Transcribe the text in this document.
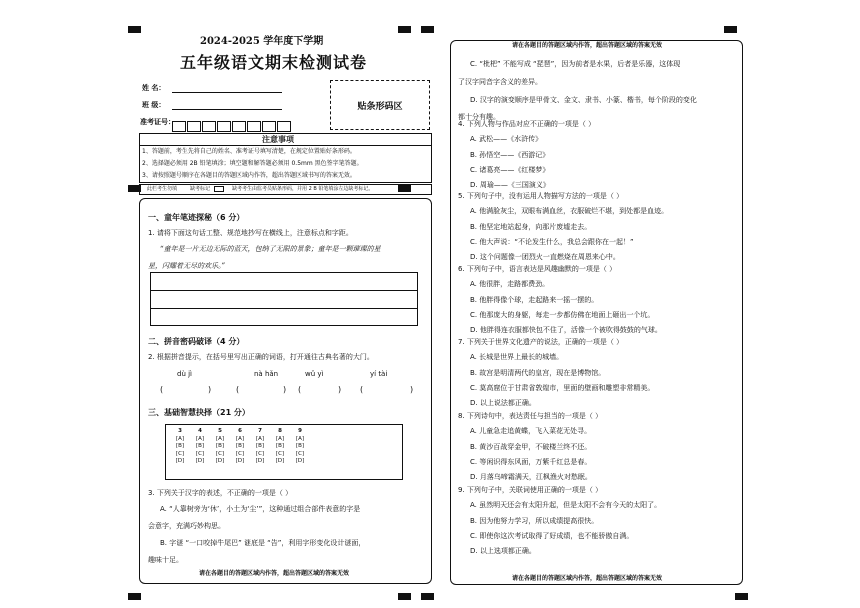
2024-2025 学年度下学期
五年级语文期末检测试卷
姓 名：
班 级：
准考证号：
贴条形码区
注意事项
1、答题前，考生先将自己的姓名、准考证号填写清楚，在规定位置贴好条形码。
2、选择题必须用 2B 铅笔填涂；填空题和解答题必须用 0.5mm 黑色签字笔答题。
3、请按照题号顺序在各题目的答题区域内作答，超出答题区域书写的答案无效。
此栏考生勿填	缺考标记	缺考考生由监考员贴条形码，并用 2 B 铅笔填涂左边缺考标记。
一、童年笔迹探秘（6 分）
1. 请将下面这句话工整、规范地抄写在横线上，注意标点和字距。
“童年是一片无边无际的蓝天，包纳了无限的景象；童年是一颗璀璨的星
星，闪耀着无尽的欢乐。”
二、拼音密码破译（4 分）
2. 根据拼音提示，在括号里写出正确的词语，打开通往古典名著的大门。
dù jì	nà hǎn	wǔ yì	yí tài
(	)	(	) (	) (	)
三、基础智慧抉择（21 分）
3
[A]
[B]
[C]
[D]
4
[A]
[B]
[C]
[D]
5
[A]
[B]
[C]
[D]
6
[A]
[B]
[C]
[D]
7
[A]
[B]
[C]
[D]
8
[A]
[B]
[C]
[D]
9
[A]
[B]
[C]
[D]
3. 下列关于汉字的表述，不正确的一项是（ ）
A. “人靠树旁为‘休’，小土为‘尘’”，这种通过组合部件表意的字是
会意字，充满巧妙构思。
B. 字谜 “一口咬掉牛尾巴” 谜底是 “告”，利用字形变化设计谜面，
趣味十足。
请在各题目的答题区域内作答，超出答题区域的答案无效
请在各题目的答题区域内作答，超出答题区域的答案无效
C. “枇杷” 不能写成 “琵琶”，因为前者是水果，后者是乐器，这体现
了汉字同音字含义的差异。
D. 汉字的演变顺序是甲骨文、金文、隶书、小篆、楷书，每个阶段的变化
都十分有趣。
4. 下列人物与作品对应不正确的一项是（ ）
A. 武松——《水浒传》
B. 孙悟空——《西游记》
C. 诸葛亮——《红楼梦》
D. 周瑜——《三国演义》
5. 下列句子中，没有运用人物描写方法的一项是（ ）
A. 他满脸灰尘，双眼布满血丝，衣服破烂不堪，到处都是血迹。
B. 他坚定地站起身，向那片废墟走去。
C. 他大声说：“不论发生什么，我总会跟你在一起！”
D. 这个问题像一团烈火一直燃烧在周恩来心中。
6. 下列句子中，语言表达是风趣幽默的一项是（ ）
A. 他很胖，走路都费劲。
B. 他胖得像个球，走起路来一摇一摆的。
C. 他那庞大的身躯，每走一步都仿佛在地面上砸出一个坑。
D. 他胖得连衣服都快包不住了，活像一个被吹得鼓鼓的气球。
7. 下列关于世界文化遗产的说法，正确的一项是（ ）
A. 长城是世界上最长的城墙。
B. 故宫是明清两代的皇宫，现在是博物馆。
C. 莫高窟位于甘肃省敦煌市，里面的壁画和雕塑非常精美。
D. 以上说法都正确。
8. 下列诗句中，表达责任与担当的一项是（ ）
A. 儿童急走追黄蝶，飞入菜花无处寻。
B. 黄沙百战穿金甲，不破楼兰终不还。
C. 等闲识得东风面，万紫千红总是春。
D. 月落乌啼霜满天，江枫渔火对愁眠。
9. 下列句子中，关联词使用正确的一项是（ ）
A. 虽然明天还会有太阳升起，但是太阳不会有今天的太阳了。
B. 因为他努力学习，所以成绩提高很快。
C. 即使你这次考试取得了好成绩，也不能骄傲自满。
D. 以上选项都正确。
请在各题目的答题区域内作答，超出答题区域的答案无效
